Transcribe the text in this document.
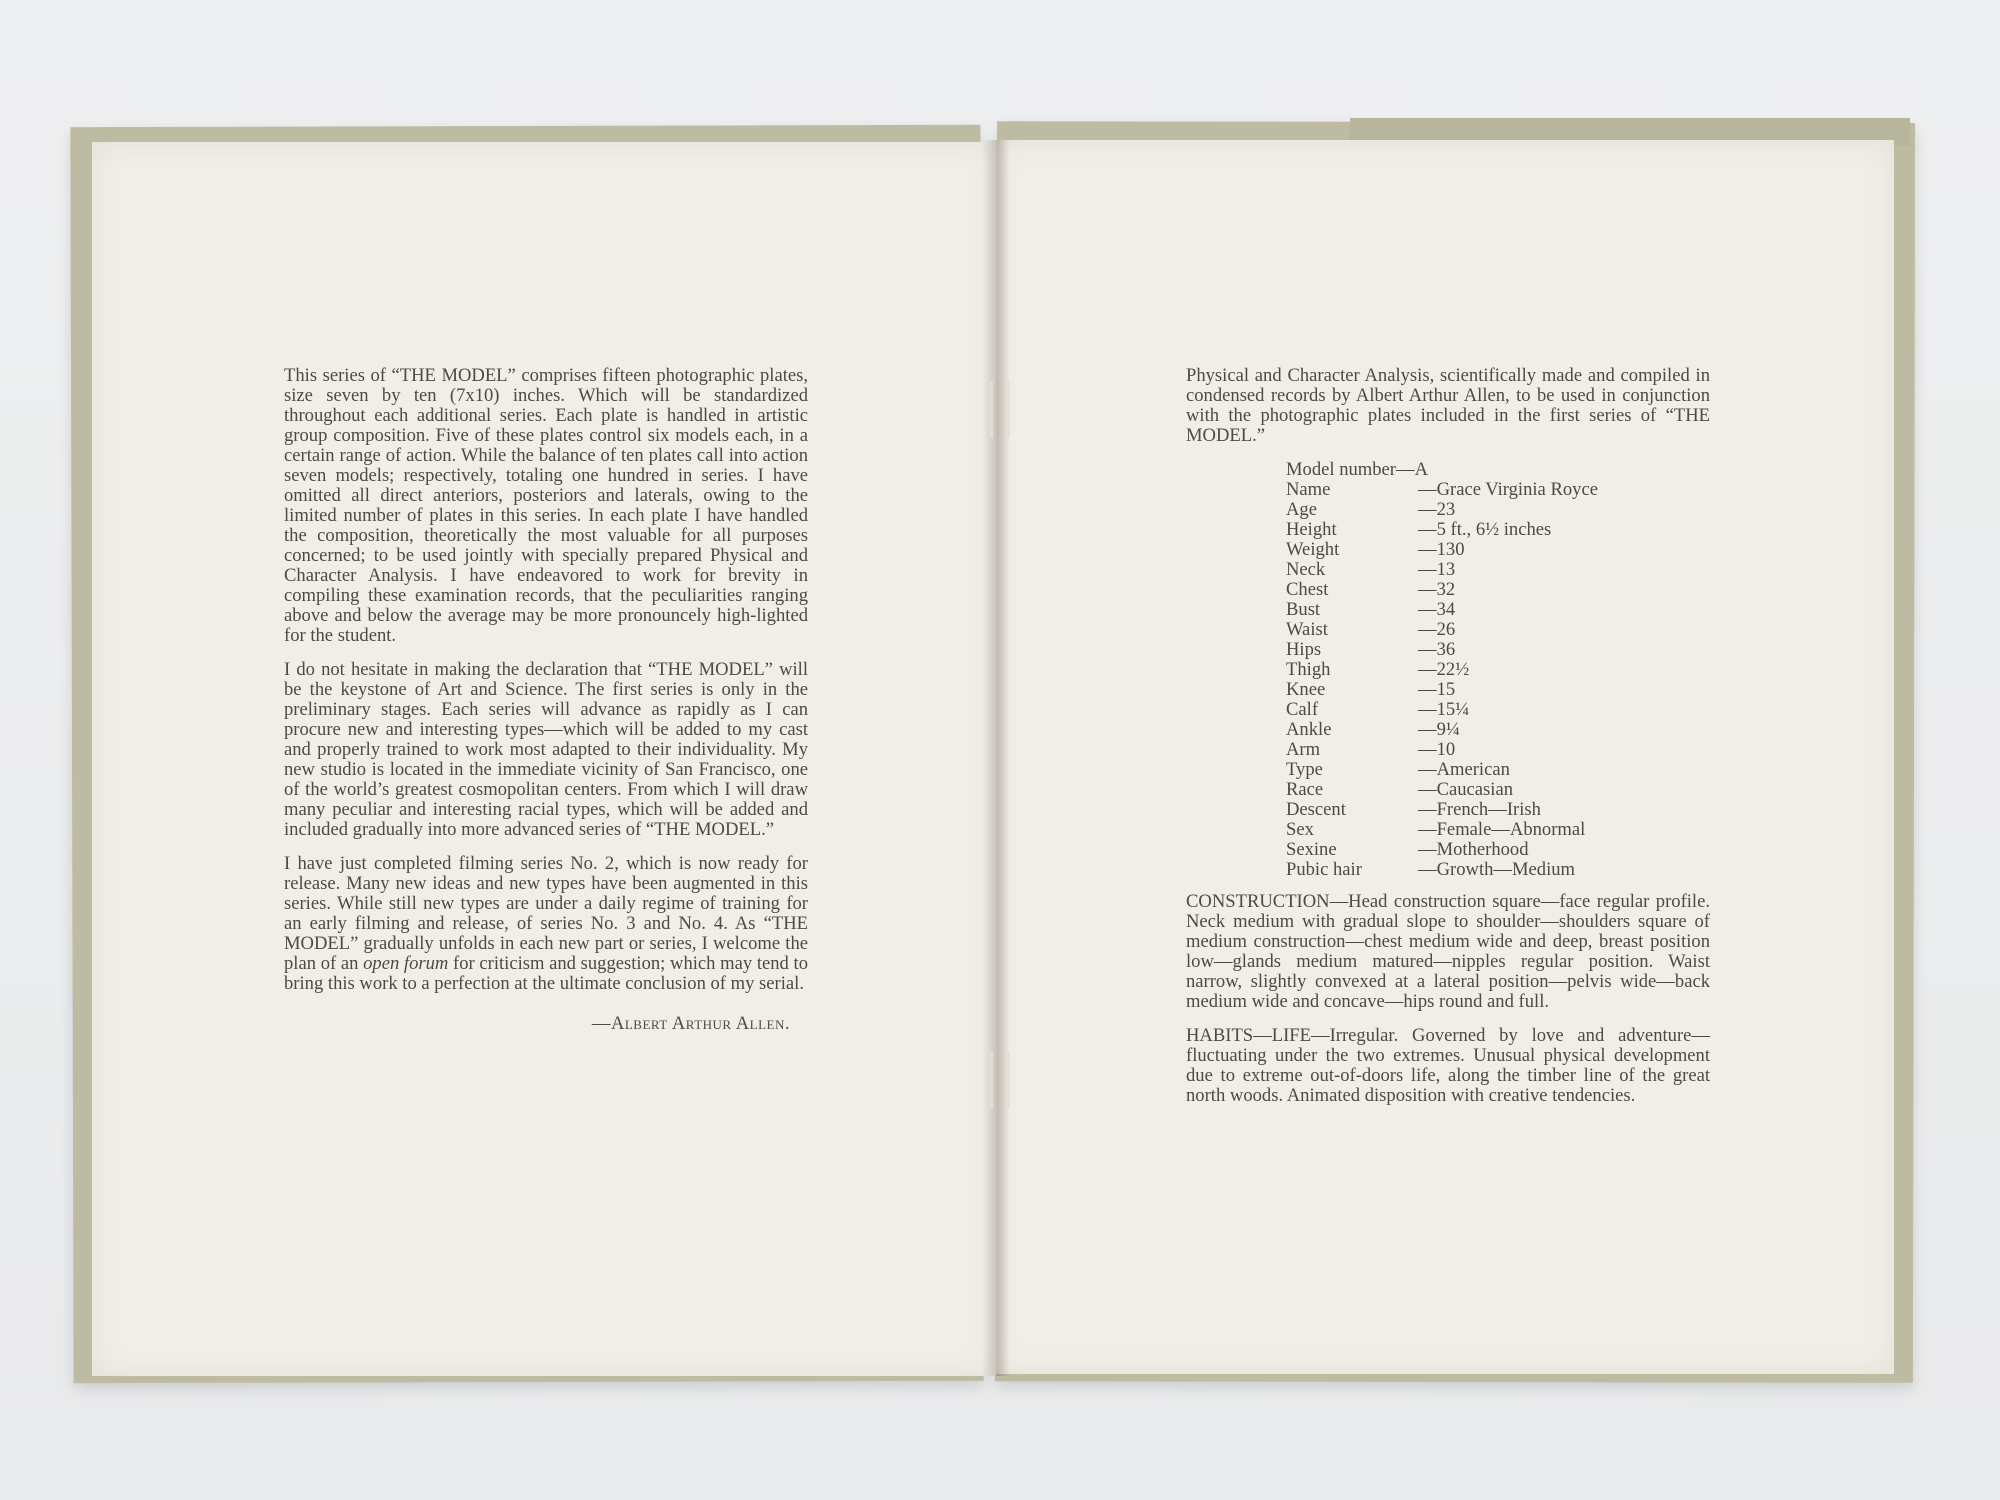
This series of “THE MODEL” comprises fifteen photographic plates, size seven by ten (7x10) inches. Which will be standardized throughout each additional series. Each plate is handled in artistic group composition. Five of these plates control six models each, in a certain range of action. While the balance of ten plates call into action seven models; respectively, totaling one hundred in series. I have omitted all direct anteriors, posteriors and laterals, owing to the limited number of plates in this series. In each plate I have handled the composition, theoretically the most valuable for all purposes concerned; to be used jointly with specially prepared Physical and Character Analysis. I have endeavored to work for brevity in compiling these examination records, that the peculiarities ranging above and below the average may be more pronouncely high-lighted for the student.

I do not hesitate in making the declaration that “THE MODEL” will be the keystone of Art and Science. The first series is only in the preliminary stages. Each series will advance as rapidly as I can procure new and interesting types—which will be added to my cast and properly trained to work most adapted to their individuality. My new studio is located in the immediate vicinity of San Francisco, one of the world’s greatest cosmopolitan centers. From which I will draw many peculiar and interesting racial types, which will be added and included gradually into more advanced series of “THE MODEL.”

I have just completed filming series No. 2, which is now ready for release. Many new ideas and new types have been augmented in this series. While still new types are under a daily regime of training for an early filming and release, of series No. 3 and No. 4. As “THE MODEL” gradually unfolds in each new part or series, I welcome the plan of an open forum for criticism and suggestion; which may tend to bring this work to a perfection at the ultimate conclusion of my serial.

—Albert Arthur Allen.

Physical and Character Analysis, scientifically made and compiled in condensed records by Albert Arthur Allen, to be used in conjunction with the photographic plates included in the first series of “THE MODEL.”

Model number—A
Name	—Grace Virginia Royce
Age	—23
Height	—5 ft., 6½ inches
Weight	—130
Neck	—13
Chest	—32
Bust	—34
Waist	—26
Hips	—36
Thigh	—22½
Knee	—15
Calf	—15¼
Ankle	—9¼
Arm	—10
Type	—American
Race	—Caucasian
Descent	—French—Irish
Sex	—Female—Abnormal
Sexine	—Motherhood
Pubic hair	—Growth—Medium

CONSTRUCTION—Head construction square—face regular profile. Neck medium with gradual slope to shoulder—shoulders square of medium construction—chest medium wide and deep, breast position low—glands medium matured—nipples regular position. Waist narrow, slightly convexed at a lateral position—pelvis wide—back medium wide and concave—hips round and full.

HABITS—LIFE—Irregular. Governed by love and adventure—fluctuating under the two extremes. Unusual physical development due to extreme out-of-doors life, along the timber line of the great north woods. Animated disposition with creative tendencies.
